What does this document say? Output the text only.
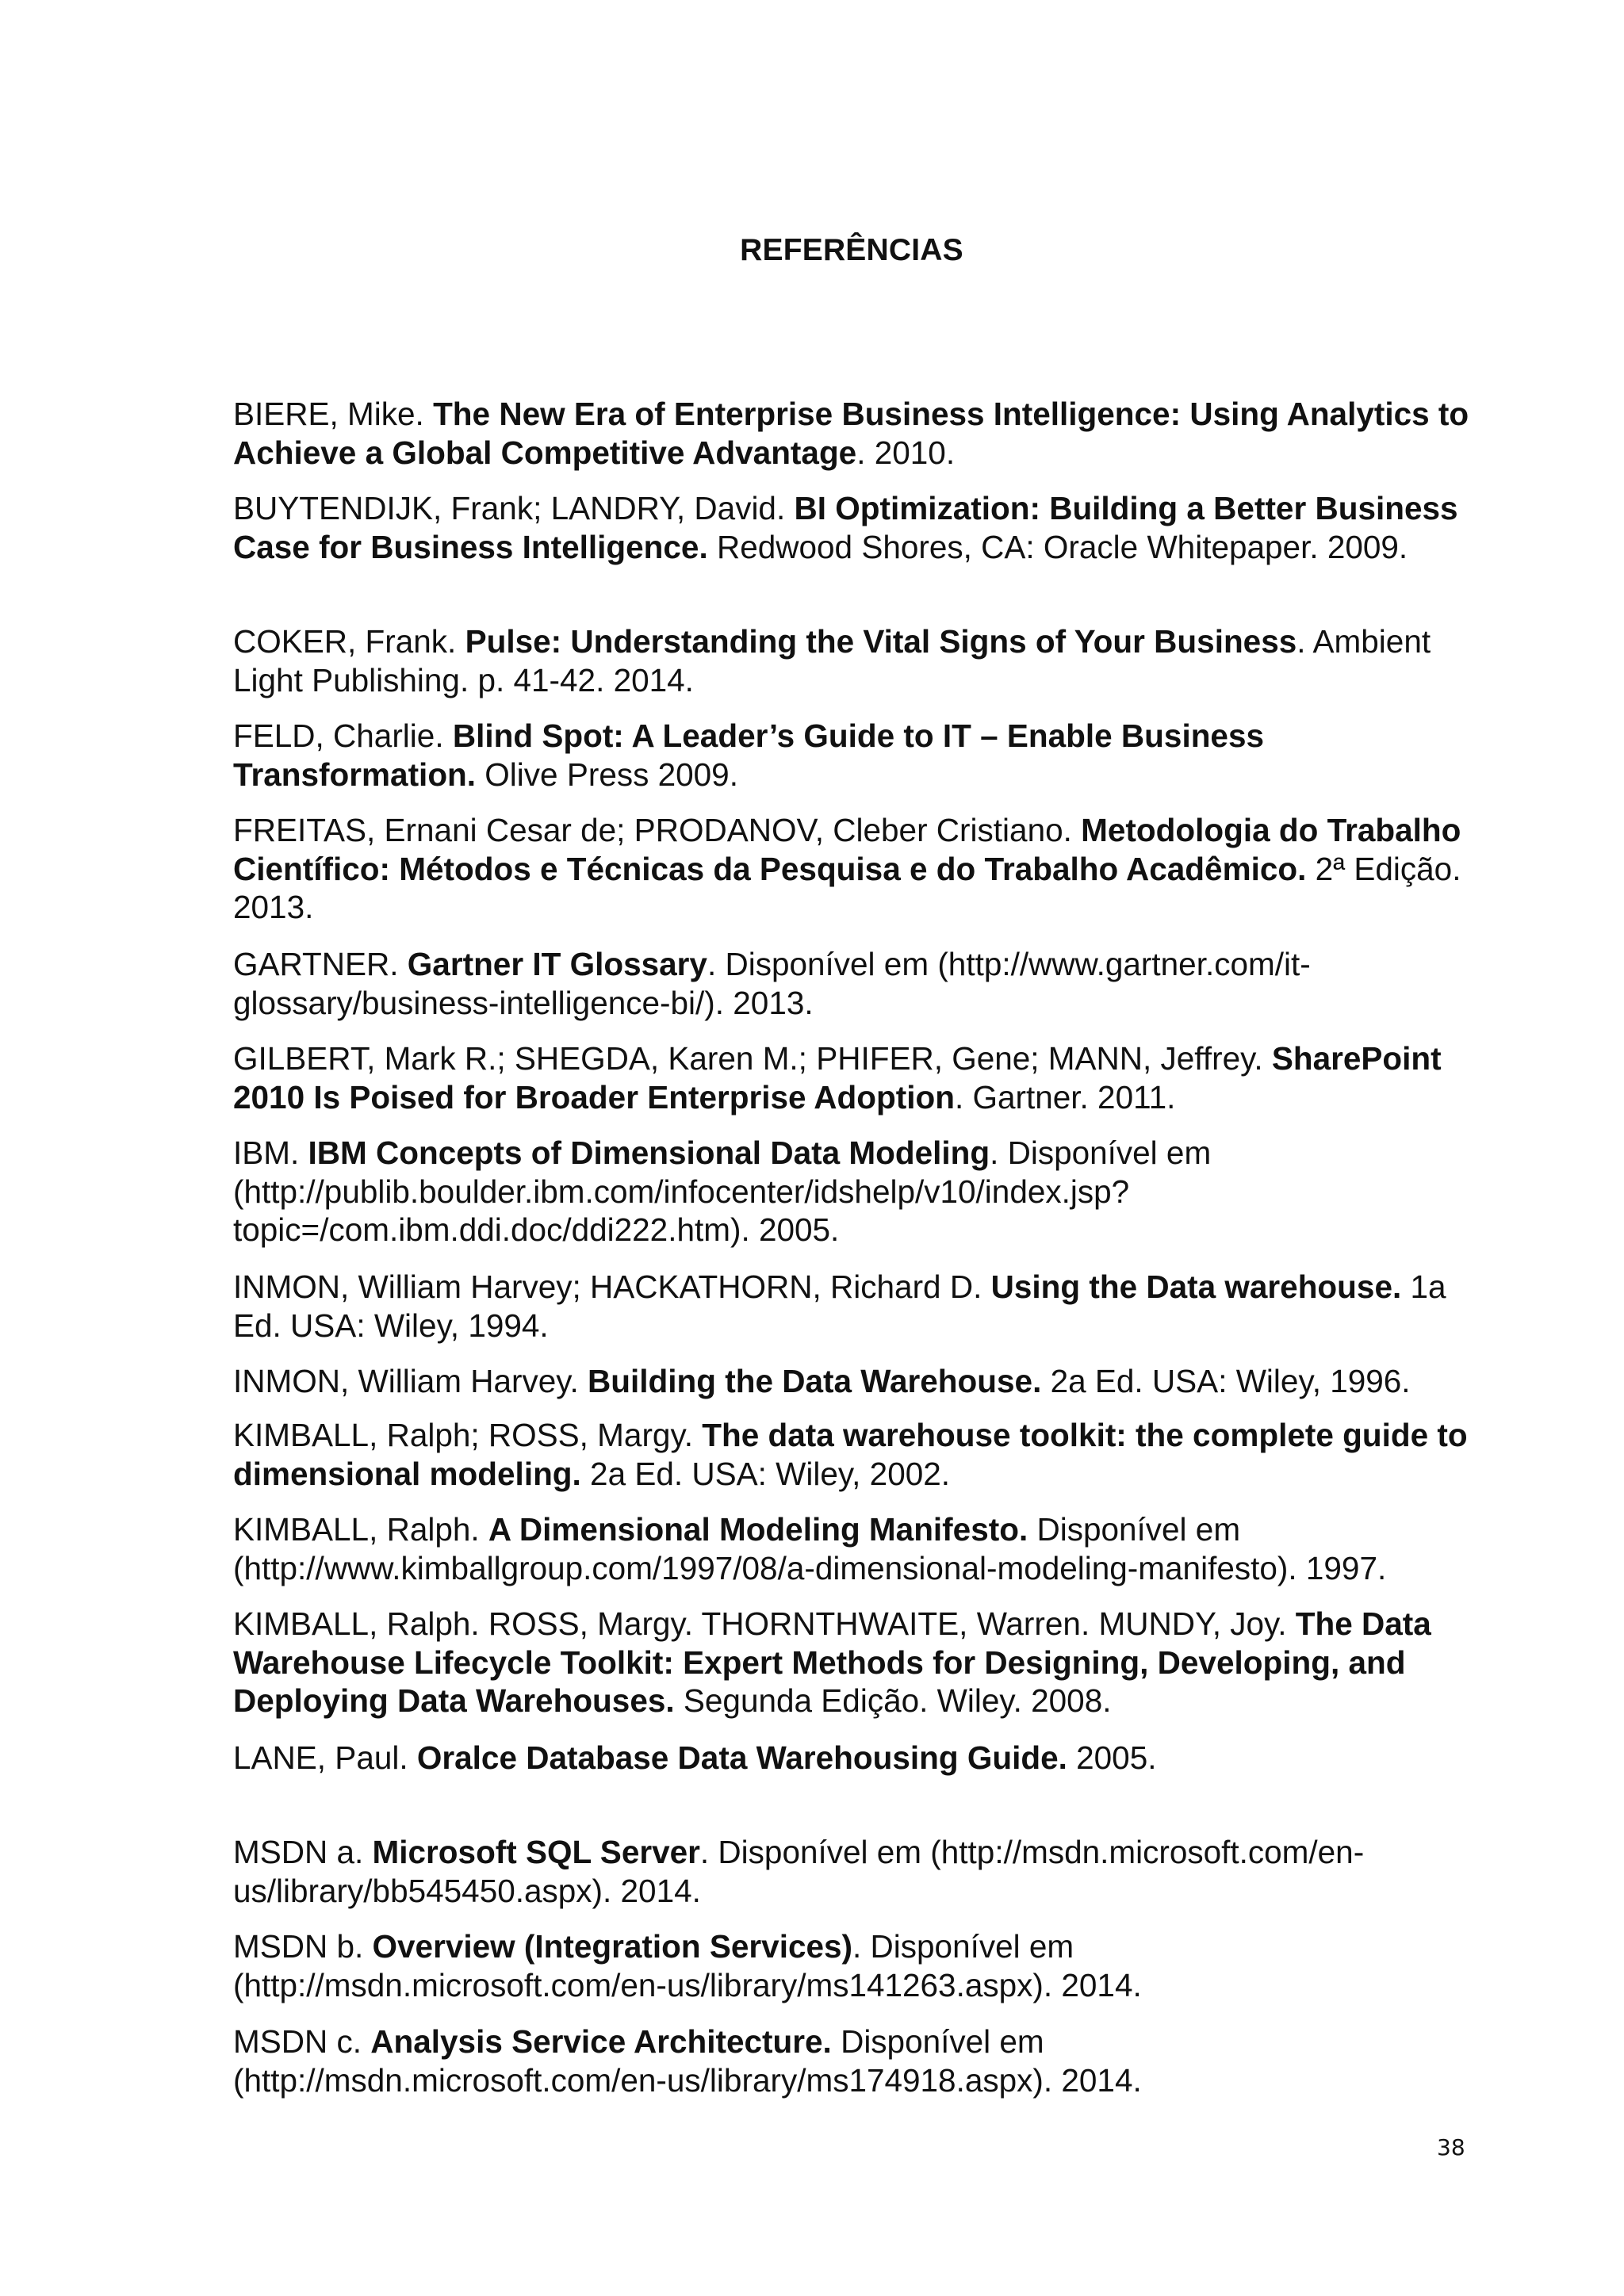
REFERÊNCIAS

BIERE, Mike. The New Era of Enterprise Business Intelligence: Using Analytics to Achieve a Global Competitive Advantage. 2010.

BUYTENDIJK, Frank; LANDRY, David. BI Optimization: Building a Better Business Case for Business Intelligence. Redwood Shores, CA: Oracle Whitepaper. 2009.

COKER, Frank. Pulse: Understanding the Vital Signs of Your Business. Ambient Light Publishing. p. 41-42. 2014.

FELD, Charlie. Blind Spot: A Leader’s Guide to IT – Enable Business Transformation. Olive Press 2009.

FREITAS, Ernani Cesar de; PRODANOV, Cleber Cristiano. Metodologia do Trabalho Científico: Métodos e Técnicas da Pesquisa e do Trabalho Acadêmico. 2ª Edição. 2013.

GARTNER. Gartner IT Glossary. Disponível em (http://www.gartner.com/it-glossary/business-intelligence-bi/). 2013.

GILBERT, Mark R.; SHEGDA, Karen M.; PHIFER, Gene; MANN, Jeffrey. SharePoint 2010 Is Poised for Broader Enterprise Adoption. Gartner. 2011.

IBM. IBM Concepts of Dimensional Data Modeling. Disponível em (http://publib.boulder.ibm.com/infocenter/idshelp/v10/index.jsp?topic=/com.ibm.ddi.doc/ddi222.htm). 2005.

INMON, William Harvey; HACKATHORN, Richard D. Using the Data warehouse. 1a Ed. USA: Wiley, 1994.

INMON, William Harvey. Building the Data Warehouse. 2a Ed. USA: Wiley, 1996.

KIMBALL, Ralph; ROSS, Margy. The data warehouse toolkit: the complete guide to dimensional modeling. 2a Ed. USA: Wiley, 2002.

KIMBALL, Ralph. A Dimensional Modeling Manifesto. Disponível em (http://www.kimballgroup.com/1997/08/a-dimensional-modeling-manifesto). 1997.

KIMBALL, Ralph. ROSS, Margy. THORNTHWAITE, Warren. MUNDY, Joy. The Data Warehouse Lifecycle Toolkit: Expert Methods for Designing, Developing, and Deploying Data Warehouses. Segunda Edição. Wiley. 2008.

LANE, Paul. Oralce Database Data Warehousing Guide. 2005.

MSDN a. Microsoft SQL Server. Disponível em (http://msdn.microsoft.com/en-us/library/bb545450.aspx). 2014.

MSDN b. Overview (Integration Services). Disponível em (http://msdn.microsoft.com/en-us/library/ms141263.aspx). 2014.

MSDN c. Analysis Service Architecture. Disponível em (http://msdn.microsoft.com/en-us/library/ms174918.aspx). 2014.

38
